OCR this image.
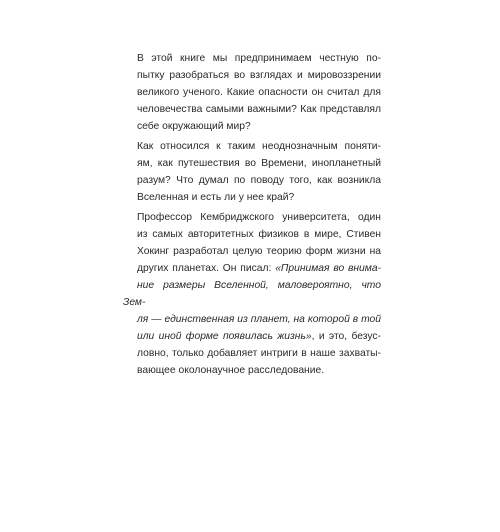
В этой книге мы предпринимаем честную по-
пытку разобраться во взглядах и мировоззрении
великого ученого. Какие опасности он считал для
человечества самыми важными? Как представлял
себе окружающий мир?

Как относился к таким неоднозначным поняти-
ям, как путешествия во Времени, инопланетный
разум? Что думал по поводу того, как возникла
Вселенная и есть ли у нее край?

Профессор Кембриджского университета, один
из самых авторитетных физиков в мире, Стивен
Хокинг разработал целую теорию форм жизни на
других планетах. Он писал: «Принимая во внима-
ние размеры Вселенной, маловероятно, что Зем-
ля — единственная из планет, на которой в той
или иной форме появилась жизнь», и это, безус-
ловно, только добавляет интриги в наше захваты-
вающее околонаучное расследование.
